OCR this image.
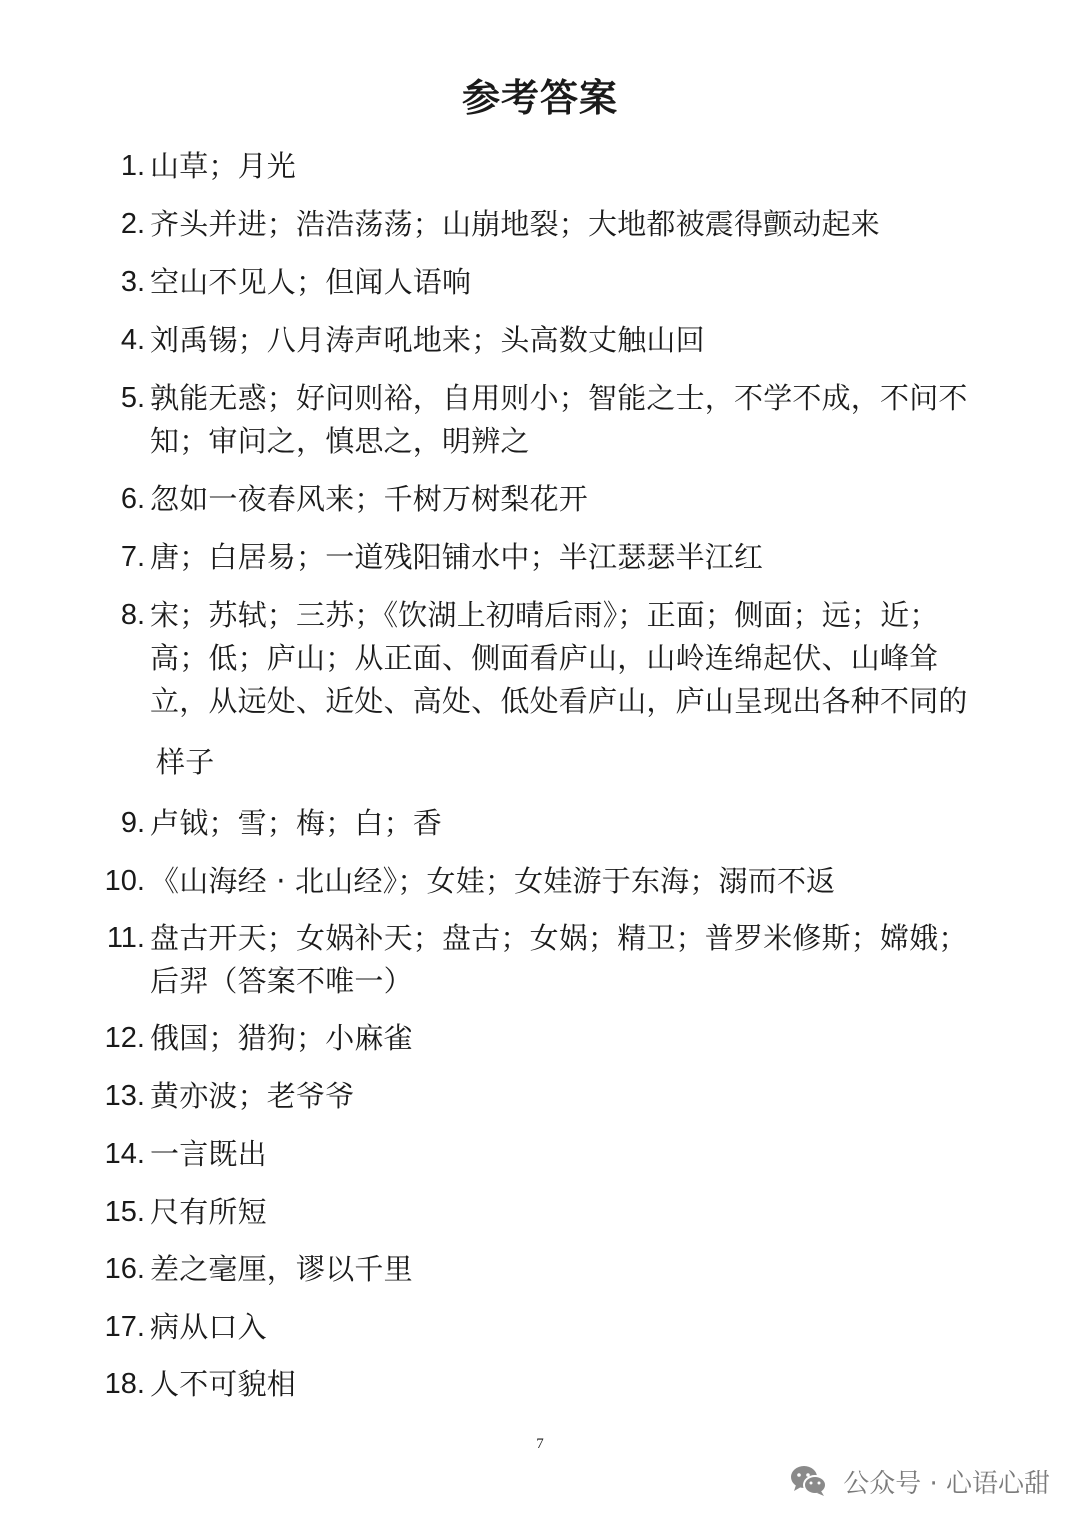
参考答案
1. 山草；月光
2. 齐头并进；浩浩荡荡；山崩地裂；大地都被震得颤动起来
3. 空山不见人；但闻人语响
4. 刘禹锡；八月涛声吼地来；头高数丈触山回
5. 孰能无惑；好问则裕，自用则小；智能之士，不学不成，不问不
知；审问之，慎思之，明辨之
6. 忽如一夜春风来；千树万树梨花开
7. 唐；白居易；一道残阳铺水中；半江瑟瑟半江红
8. 宋；苏轼；三苏；《饮湖上初晴后雨》；正面；侧面；远；近；
高；低；庐山；从正面、侧面看庐山，山岭连绵起伏、山峰耸
立，从远处、近处、高处、低处看庐山，庐山呈现出各种不同的
样子
9. 卢钺；雪；梅；白；香
10. 《山海经 · 北山经》；女娃；女娃游于东海；溺而不返
11. 盘古开天；女娲补天；盘古；女娲；精卫；普罗米修斯；嫦娥；
后羿（答案不唯一）
12. 俄国；猎狗；小麻雀
13. 黄亦波；老爷爷
14. 一言既出
15. 尺有所短
16. 差之毫厘，谬以千里
17. 病从口入
18. 人不可貌相
7
公众号 · 心语心甜
